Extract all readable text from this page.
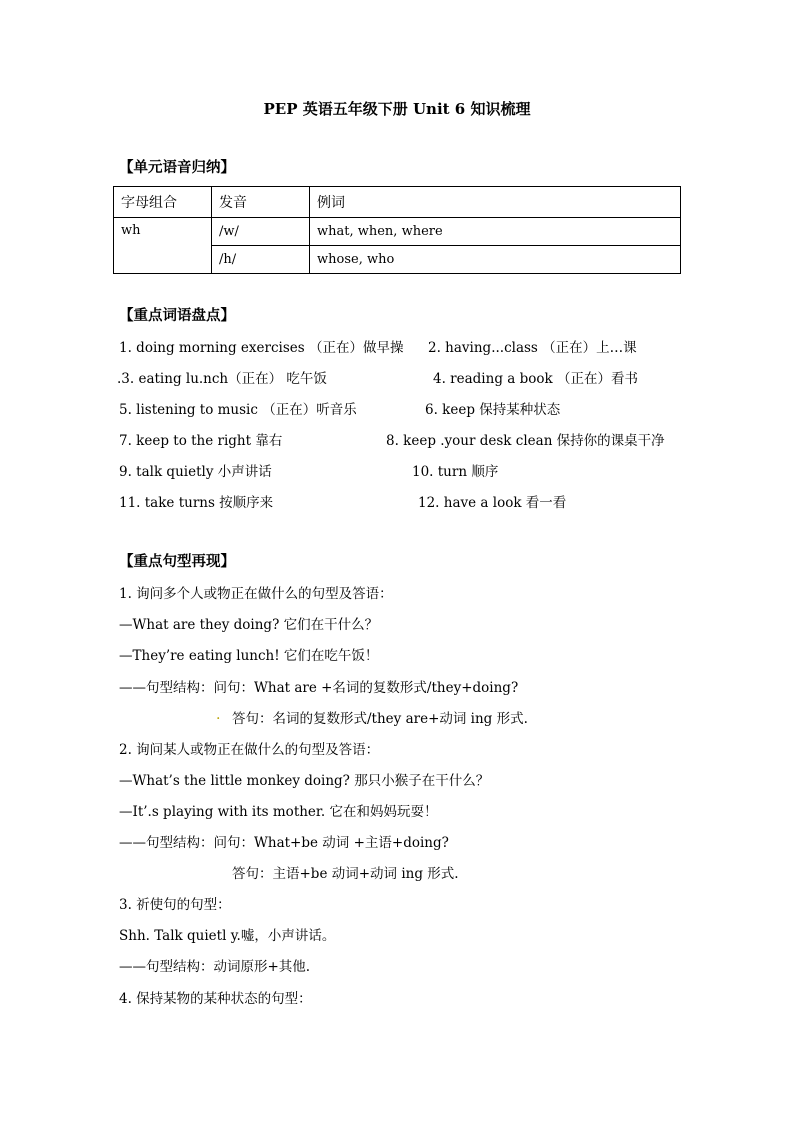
PEP 英语五年级下册 Unit 6 知识梳理
【单元语音归纳】
字母组合	发音	例词
wh	/w/	what, when, where
	/h/	whose, who
【重点词语盘点】
1. doing morning exercises （正在）做早操 2. having...class （正在）上…课
.3. eating lu.nch（正在） 吃午饭	4. reading a book （正在）看书
5. listening to music （正在）听音乐	6. keep 保持某种状态
7. keep to the right 靠右	8. keep .your desk clean 保持你的课桌干净
9. talk quietly 小声讲话	10. turn 顺序
11. take turns 按顺序来	12. have a look 看一看
【重点句型再现】
1. 询问多个人或物正在做什么的句型及答语：
—What are they doing? 它们在干什么？
—They’re eating lunch! 它们在吃午饭！
——句型结构：问句：What are +名词的复数形式/they+doing?
. 答句：名词的复数形式/they are+动词 ing 形式.
2. 询问某人或物正在做什么的句型及答语：
—What’s the little monkey doing? 那只小猴子在干什么？
—It’.s playing with its mother. 它在和妈妈玩耍！
——句型结构：问句：What+be 动词 +主语+doing?
答句：主语+be 动词+动词 ing 形式.
3. 祈使句的句型：
Shh. Talk quietl y.嘘，小声讲话。
——句型结构：动词原形+其他.
4. 保持某物的某种状态的句型：
